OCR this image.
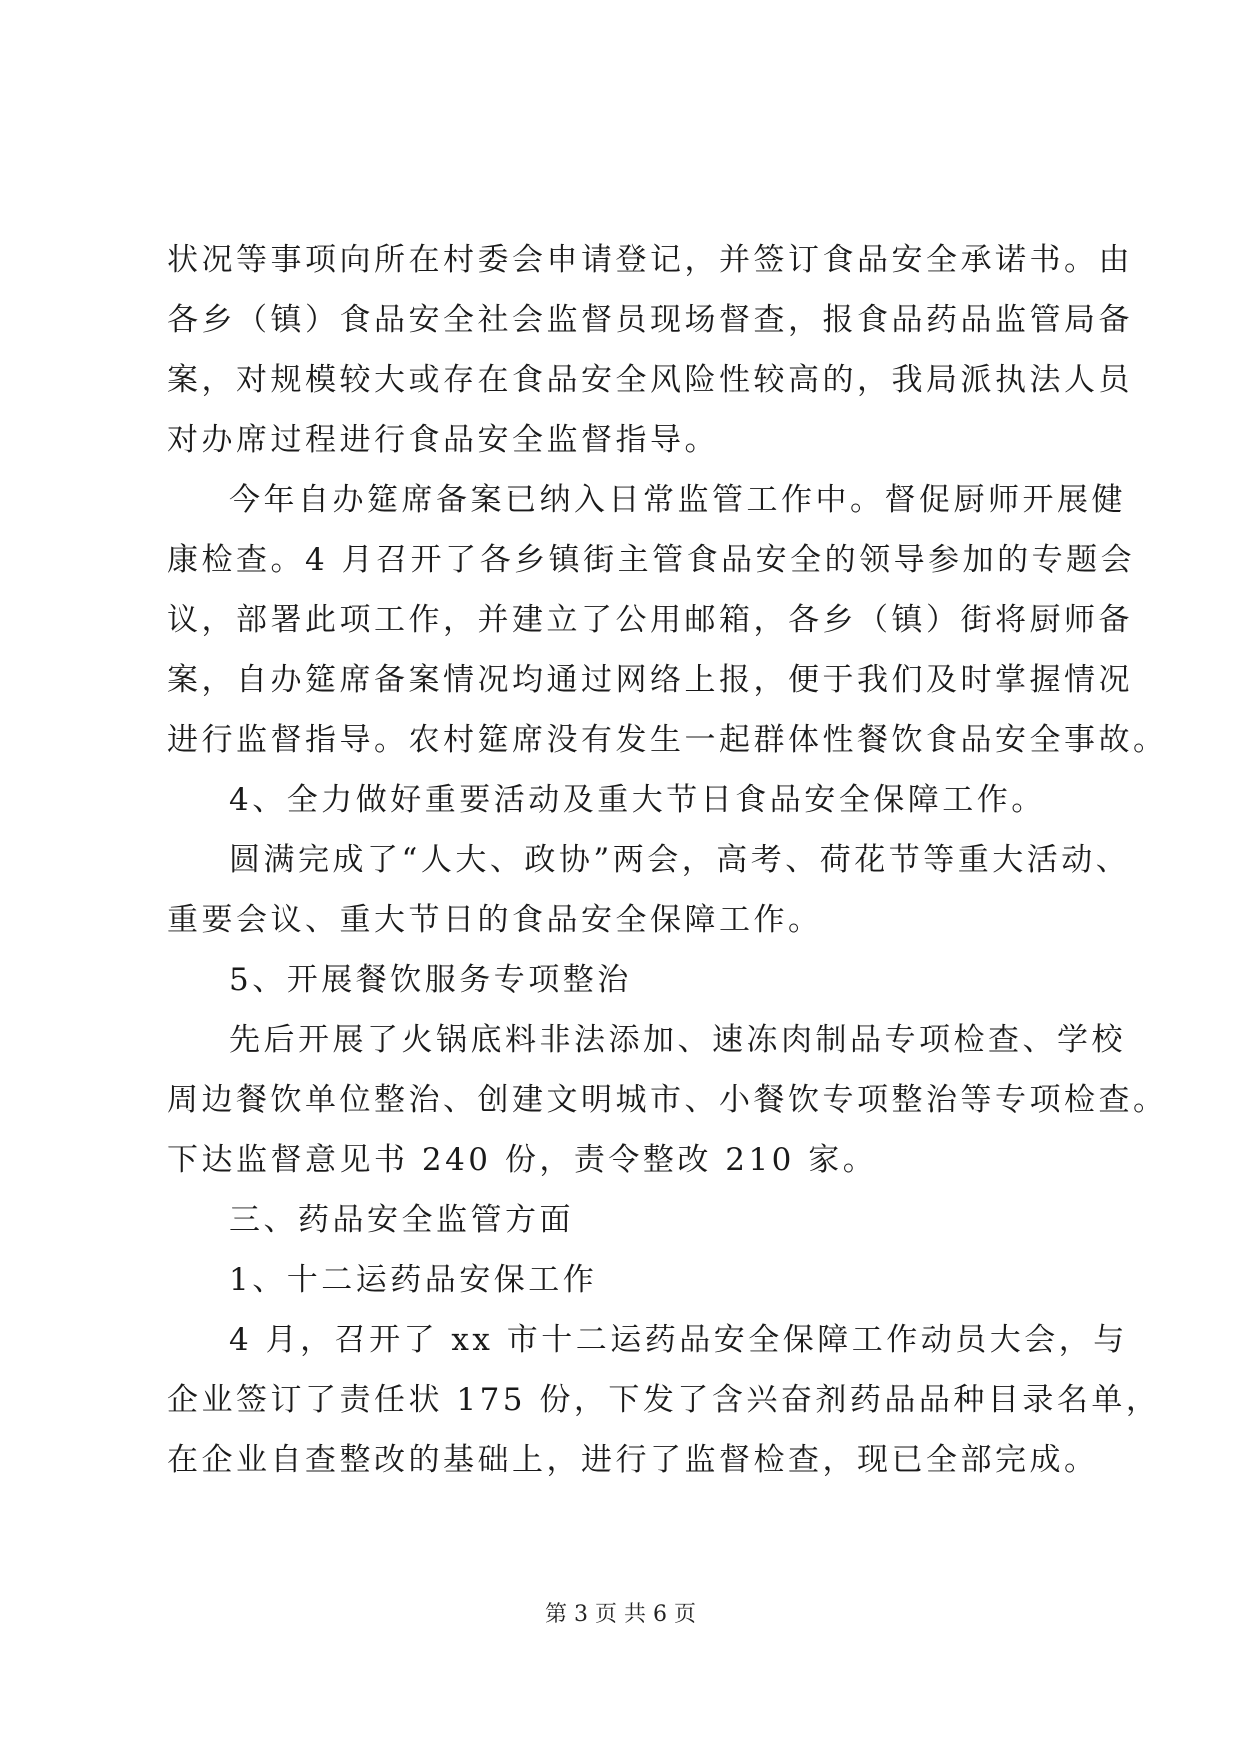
状况等事项向所在村委会申请登记，并签订食品安全承诺书。由
各乡（镇）食品安全社会监督员现场督查，报食品药品监管局备
案，对规模较大或存在食品安全风险性较高的，我局派执法人员
对办席过程进行食品安全监督指导。
今年自办筵席备案已纳入日常监管工作中。督促厨师开展健
康检查。4 月召开了各乡镇街主管食品安全的领导参加的专题会
议，部署此项工作，并建立了公用邮箱，各乡（镇）街将厨师备
案，自办筵席备案情况均通过网络上报，便于我们及时掌握情况
进行监督指导。农村筵席没有发生一起群体性餐饮食品安全事故。
4、全力做好重要活动及重大节日食品安全保障工作。
圆满完成了“人大、政协”两会，高考、荷花节等重大活动、
重要会议、重大节日的食品安全保障工作。
5、开展餐饮服务专项整治
先后开展了火锅底料非法添加、速冻肉制品专项检查、学校
周边餐饮单位整治、创建文明城市、小餐饮专项整治等专项检查。
下达监督意见书 240 份，责令整改 210 家。
三、药品安全监管方面
1、十二运药品安保工作
4 月，召开了 xx 市十二运药品安全保障工作动员大会，与
企业签订了责任状 175 份，下发了含兴奋剂药品品种目录名单，
在企业自查整改的基础上，进行了监督检查，现已全部完成。
第 3 页 共 6 页
